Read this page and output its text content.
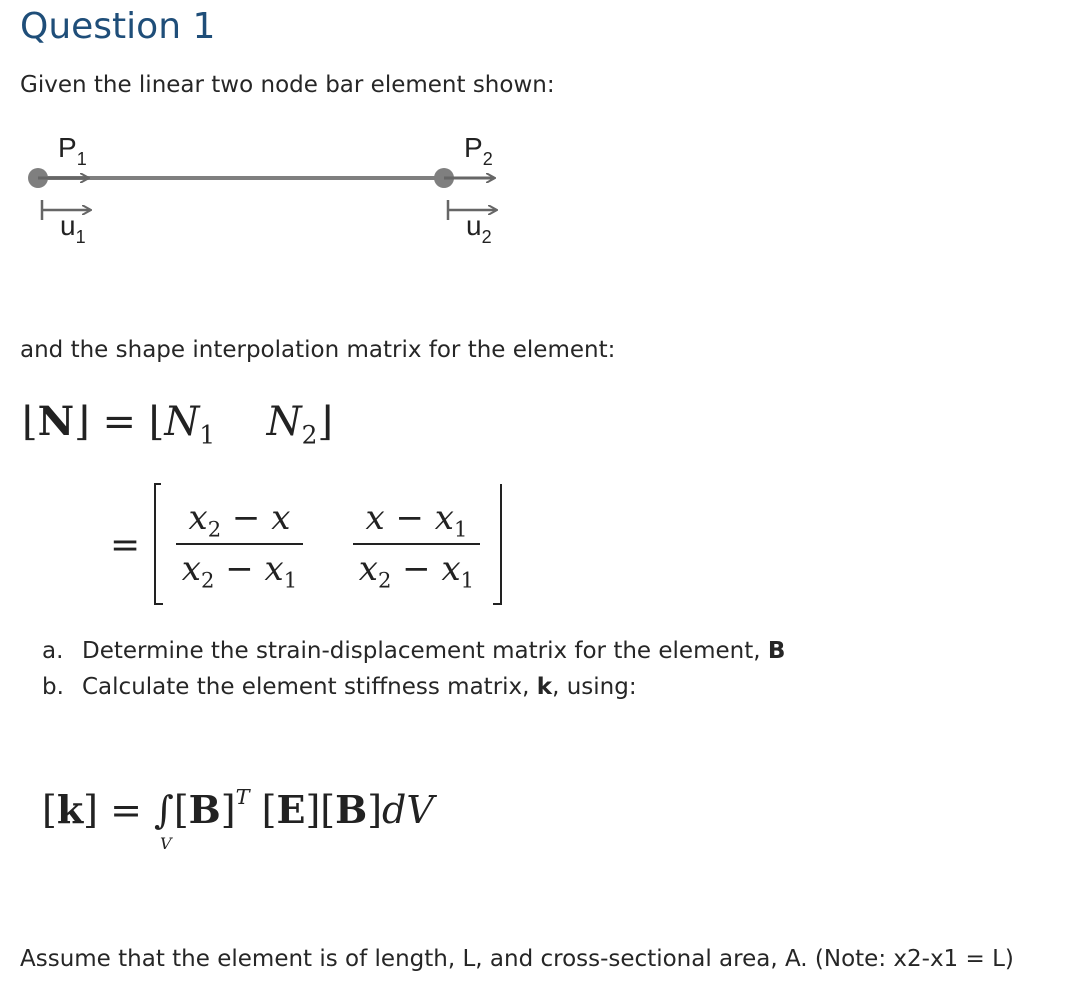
Question 1
Given the linear two node bar element shown:
$P_1$	$P_2$
$u_1$	$u_2$
and the shape interpolation matrix for the element:
⌊N⌋ = $⌊N_1$ $N_2⌋$
= $\frac{x_2 - x}{x_2 - x_1}$
$\frac{x - x_1}{x_2 - x_1}$

a. Determine the strain-displacement matrix for the element, B
b. Calculate the element stiffness matrix, k, using:
[k] = ∫
V
$[B]^T$ [E][B]dV
Assume that the element is of length, L, and cross-sectional area, A. (Note: x2-x1 = L)
